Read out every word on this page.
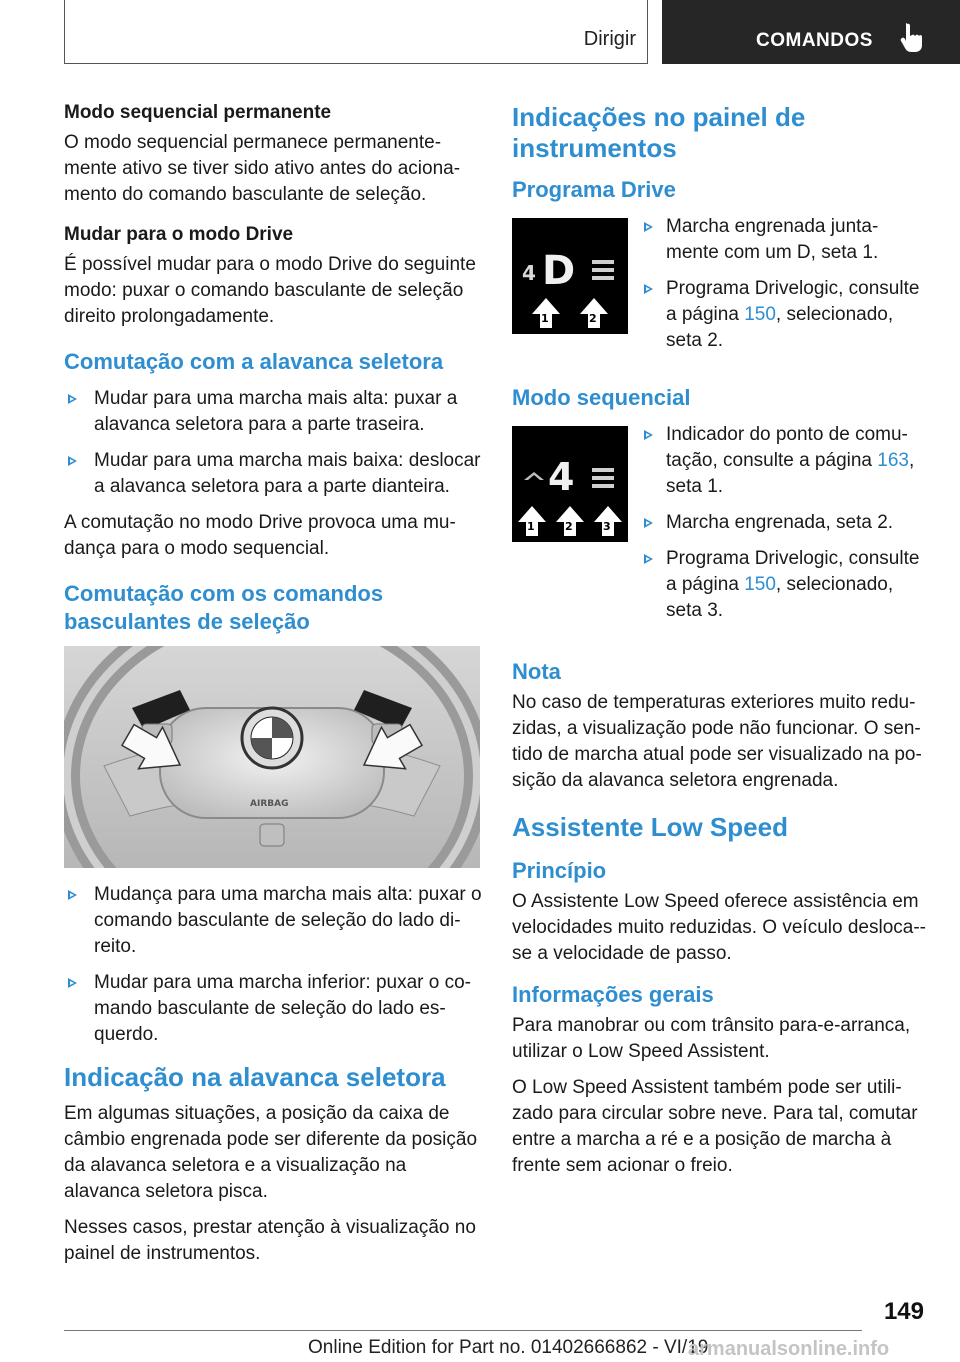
Dirigir	COMANDOS
Modo sequencial permanente

O modo sequencial permanece permanente-mente ativo se tiver sido ativo antes do aciona-mento do comando basculante de seleção.

Mudar para o modo Drive

É possível mudar para o modo Drive do seguinte modo: puxar o comando basculante de seleção direito prolongadamente.

Comutação com a alavanca seletora
Mudar para uma marcha mais alta: puxar a alavanca seletora para a parte traseira.
Mudar para uma marcha mais baixa: deslocar a alavanca seletora para a parte dianteira.

A comutação no modo Drive provoca uma mu-dança para o modo sequencial.

Comutação com os comandos basculantes de seleção
AIRBAG
Mudança para uma marcha mais alta: puxar o comando basculante de seleção do lado di-reito.
Mudar para uma marcha inferior: puxar o co-mando basculante de seleção do lado es-querdo.
Indicação na alavanca seletora

Em algumas situações, a posição da caixa de câmbio engrenada pode ser diferente da posição da alavanca seletora e a visualização na alavanca seletora pisca.

Nesses casos, prestar atenção à visualização no painel de instrumentos.

Indicações no painel de instrumentos
Programa Drive
4 D
1	2
Marcha engrenada junta-mente com um D, seta 1.
Programa Drivelogic, consulte a página 150, selecionado, seta 2.
Modo sequencial
4
1	2	3
Indicador do ponto de comu-tação, consulte a página 163, seta 1.
Marcha engrenada, seta 2.
Programa Drivelogic, consulte a página 150, selecionado, seta 3.
Nota

No caso de temperaturas exteriores muito redu-zidas, a visualização pode não funcionar. O sen-tido de marcha atual pode ser visualizado na po-sição da alavanca seletora engrenada.

Assistente Low Speed
Princípio

O Assistente Low Speed oferece assistência em velocidades muito reduzidas. O veículo desloca--se a velocidade de passo.

Informações gerais

Para manobrar ou com trânsito para-e-arranca, utilizar o Low Speed Assistent.

O Low Speed Assistent também pode ser utili-zado para circular sobre neve. Para tal, comutar entre a marcha a ré e a posição de marcha à frente sem acionar o freio.

149
Online Edition for Part no. 01402666862 - VI/19
armanualsonline.info
